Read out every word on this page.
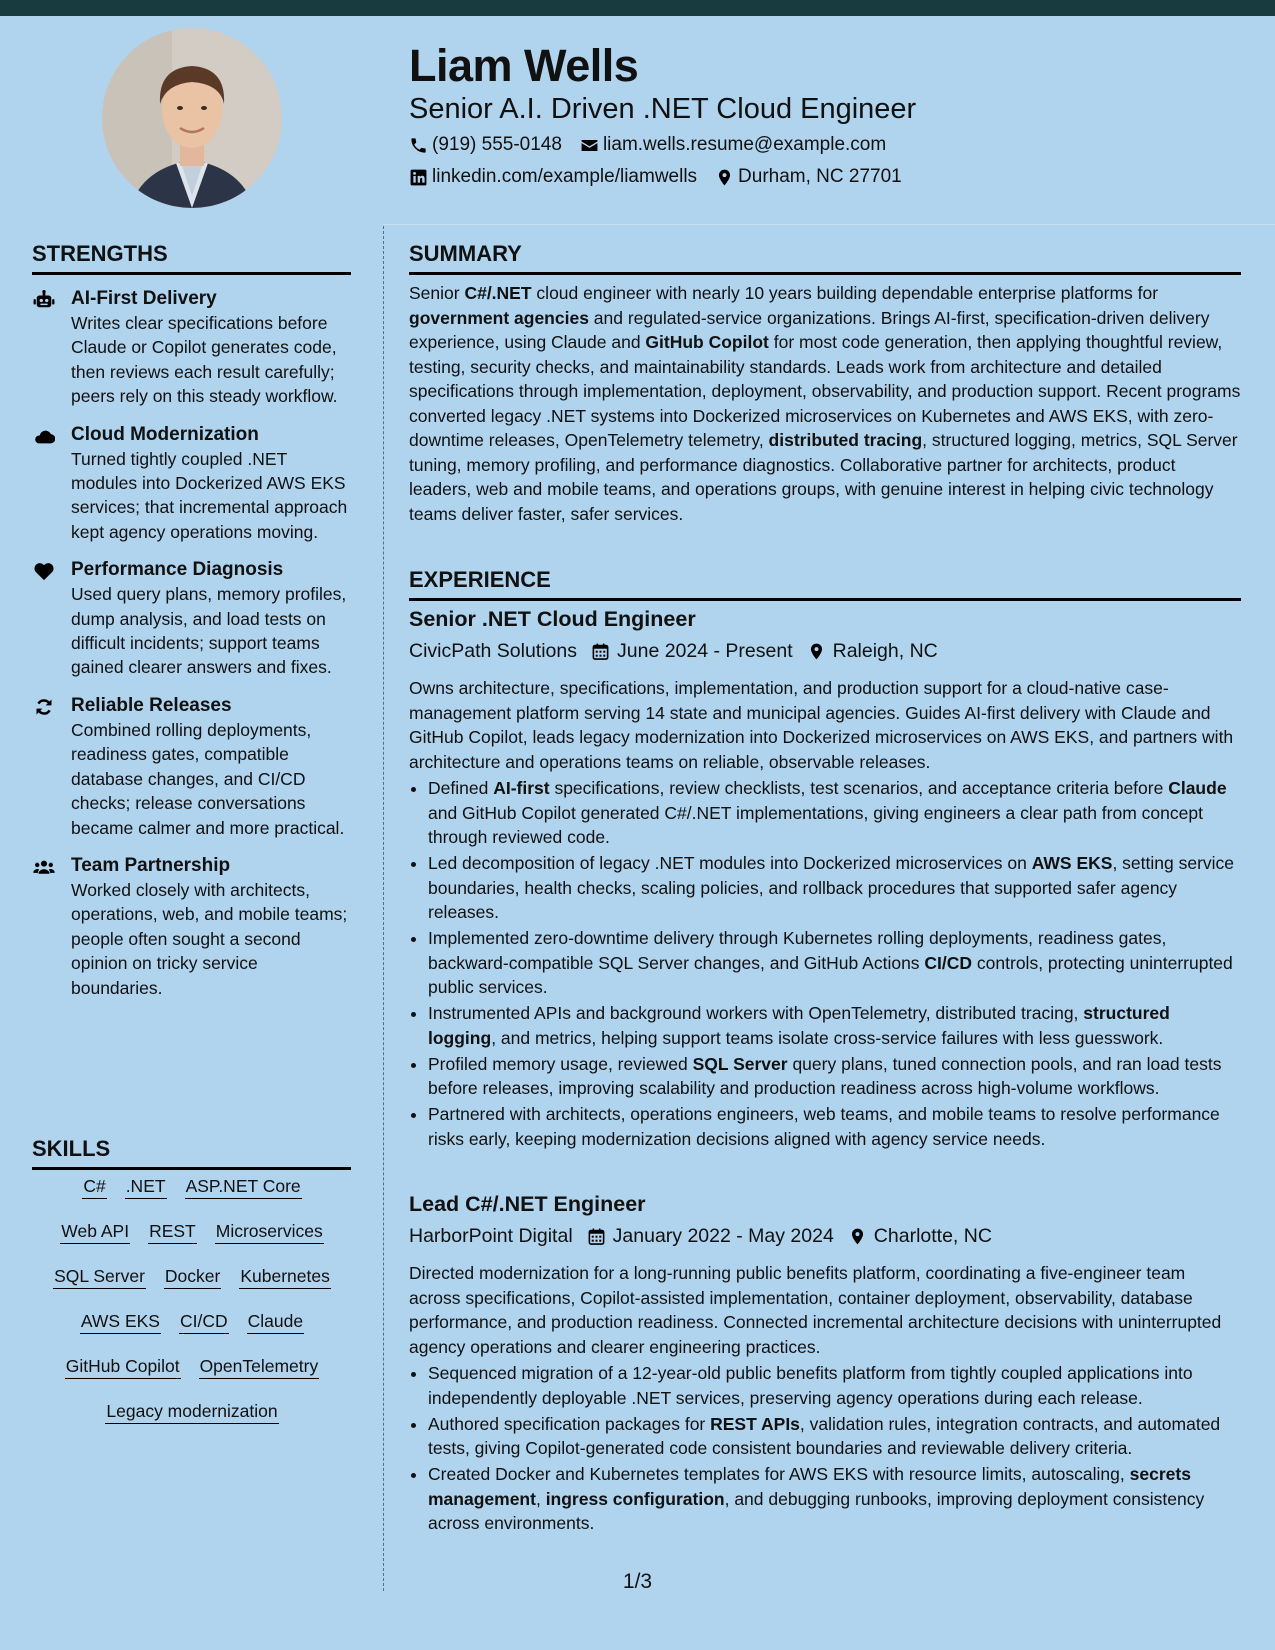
Liam Wells
Senior A.I. Driven .NET Cloud Engineer
(919) 555-0148 liam.wells.resume@example.com
linkedin.com/example/liamwells Durham, NC 27701
STRENGTHS
AI-First Delivery
Writes clear specifications before Claude or Copilot generates code, then reviews each result carefully; peers rely on this steady workflow.
Cloud Modernization
Turned tightly coupled .NET modules into Dockerized AWS EKS services; that incremental approach kept agency operations moving.
Performance Diagnosis
Used query plans, memory profiles, dump analysis, and load tests on difficult incidents; support teams gained clearer answers and fixes.
Reliable Releases
Combined rolling deployments, readiness gates, compatible database changes, and CI/CD checks; release conversations became calmer and more practical.
Team Partnership
Worked closely with architects, operations, web, and mobile teams; people often sought a second opinion on tricky service boundaries.
SKILLS
C# .NET ASP.NET Core
Web API REST Microservices
SQL Server Docker Kubernetes
AWS EKS CI/CD Claude
GitHub Copilot OpenTelemetry
Legacy modernization
SUMMARY

Senior C#/.NET cloud engineer with nearly 10 years building dependable enterprise platforms for government agencies and regulated-service organizations. Brings AI-first, specification-driven delivery experience, using Claude and GitHub Copilot for most code generation, then applying thoughtful review, testing, security checks, and maintainability standards. Leads work from architecture and detailed specifications through implementation, deployment, observability, and production support. Recent programs converted legacy .NET systems into Dockerized microservices on Kubernetes and AWS EKS, with zero-downtime releases, OpenTelemetry telemetry, distributed tracing, structured logging, metrics, SQL Server tuning, memory profiling, and performance diagnostics. Collaborative partner for architects, product leaders, web and mobile teams, and operations groups, with genuine interest in helping civic technology teams deliver faster, safer services.

EXPERIENCE
Senior .NET Cloud Engineer
CivicPath Solutions June 2024 - Present Raleigh, NC

Owns architecture, specifications, implementation, and production support for a cloud-native case-management platform serving 14 state and municipal agencies. Guides AI-first delivery with Claude and GitHub Copilot, leads legacy modernization into Dockerized microservices on AWS EKS, and partners with architecture and operations teams on reliable, observable releases.

• Defined AI-first specifications, review checklists, test scenarios, and acceptance criteria before Claude and GitHub Copilot generated C#/.NET implementations, giving engineers a clear path from concept through reviewed code.
• Led decomposition of legacy .NET modules into Dockerized microservices on AWS EKS, setting service boundaries, health checks, scaling policies, and rollback procedures that supported safer agency releases.
• Implemented zero-downtime delivery through Kubernetes rolling deployments, readiness gates, backward-compatible SQL Server changes, and GitHub Actions CI/CD controls, protecting uninterrupted public services.
• Instrumented APIs and background workers with OpenTelemetry, distributed tracing, structured logging, and metrics, helping support teams isolate cross-service failures with less guesswork.
• Profiled memory usage, reviewed SQL Server query plans, tuned connection pools, and ran load tests before releases, improving scalability and production readiness across high-volume workflows.
• Partnered with architects, operations engineers, web teams, and mobile teams to resolve performance risks early, keeping modernization decisions aligned with agency service needs.
Lead C#/.NET Engineer
HarborPoint Digital January 2022 - May 2024 Charlotte, NC

Directed modernization for a long-running public benefits platform, coordinating a five-engineer team across specifications, Copilot-assisted implementation, container deployment, observability, database performance, and production readiness. Connected incremental architecture decisions with uninterrupted agency operations and clearer engineering practices.

• Sequenced migration of a 12-year-old public benefits platform from tightly coupled applications into independently deployable .NET services, preserving agency operations during each release.
• Authored specification packages for REST APIs, validation rules, integration contracts, and automated tests, giving Copilot-generated code consistent boundaries and reviewable delivery criteria.
• Created Docker and Kubernetes templates for AWS EKS with resource limits, autoscaling, secrets management, ingress configuration, and debugging runbooks, improving deployment consistency across environments.
1/3
